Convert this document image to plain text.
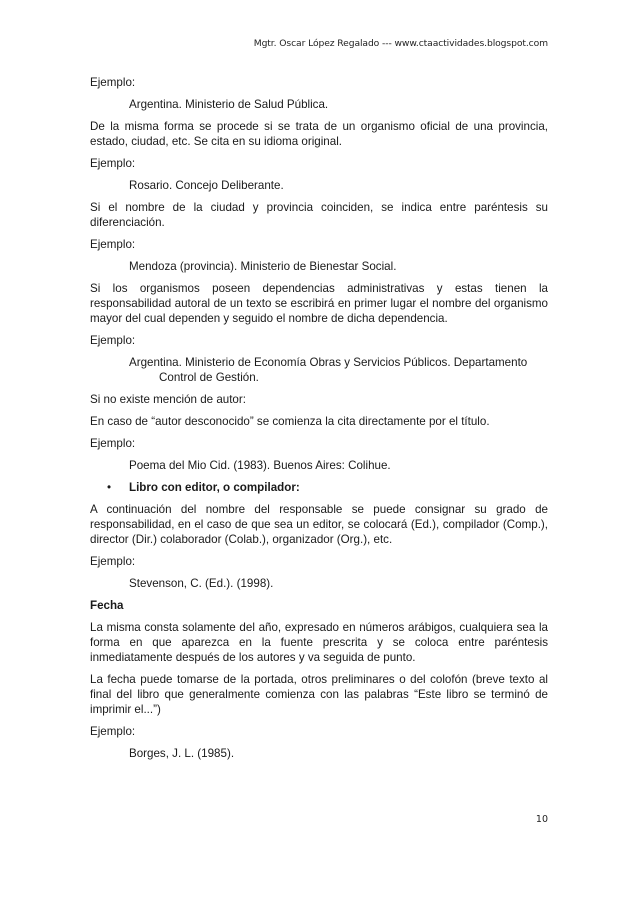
Mgtr. Oscar López Regalado --- www.ctaactividades.blogspot.com

Ejemplo:

Argentina. Ministerio de Salud Pública.

De la misma forma se procede si se trata de un organismo oficial de una provincia, estado, ciudad, etc. Se cita en su idioma original.

Ejemplo:

Rosario. Concejo Deliberante.

Si el nombre de la ciudad y provincia coinciden, se indica entre paréntesis su diferenciación.

Ejemplo:

Mendoza (provincia). Ministerio de Bienestar Social.

Si los organismos poseen dependencias administrativas y estas tienen la responsabilidad autoral de un texto se escribirá en primer lugar el nombre del organismo mayor del cual dependen y seguido el nombre de dicha dependencia.

Ejemplo:

Argentina. Ministerio de Economía Obras y Servicios Públicos. Departamento
Control de Gestión.

Si no existe mención de autor:

En caso de “autor desconocido” se comienza la cita directamente por el título.

Ejemplo:

Poema del Mio Cid. (1983). Buenos Aires: Colihue.

• Libro con editor, o compilador:

A continuación del nombre del responsable se puede consignar su grado de responsabilidad, en el caso de que sea un editor, se colocará (Ed.), compilador (Comp.), director (Dir.) colaborador (Colab.), organizador (Org.), etc.

Ejemplo:

Stevenson, C. (Ed.). (1998).

Fecha

La misma consta solamente del año, expresado en números arábigos, cualquiera sea la forma en que aparezca en la fuente prescrita y se coloca entre paréntesis inmediatamente después de los autores y va seguida de punto.

La fecha puede tomarse de la portada, otros preliminares o del colofón (breve texto al final del libro que generalmente comienza con las palabras “Este libro se terminó de imprimir el...”)

Ejemplo:

Borges, J. L. (1985).

10
